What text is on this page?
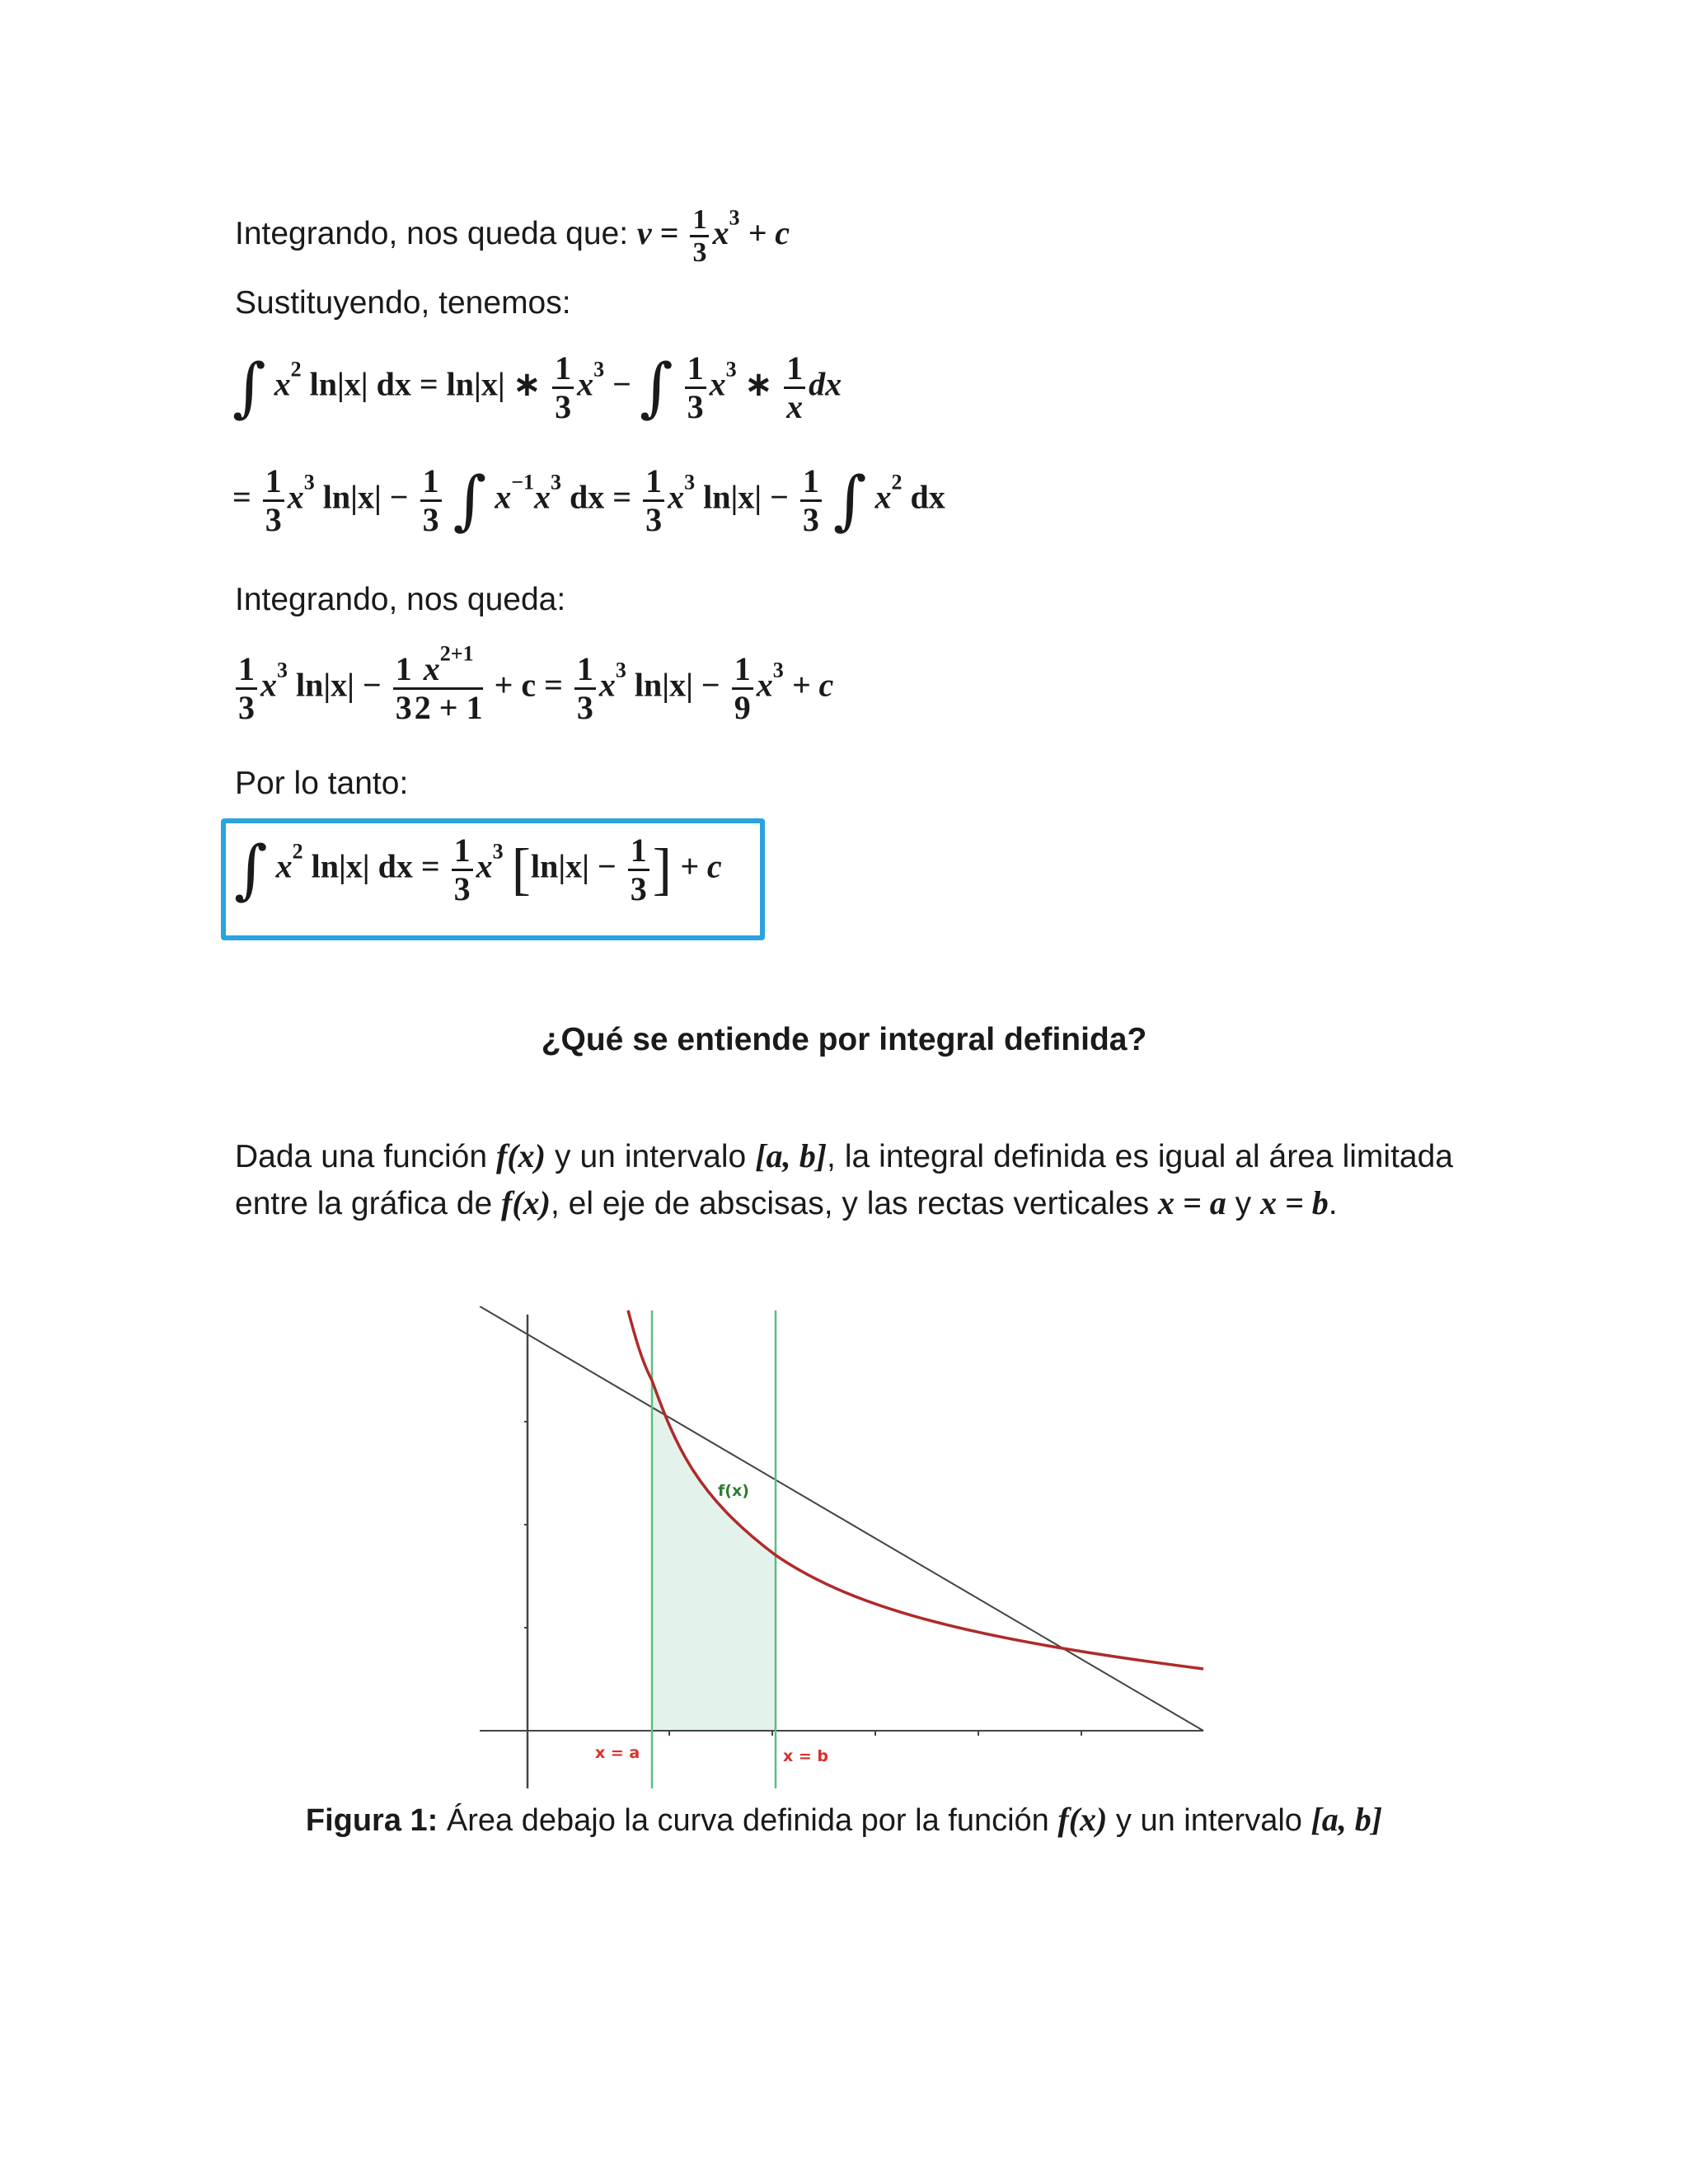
Integrando, nos queda que: $v = \frac{1}{3} x^3 + c$
Sustituyendo, tenemos:
∫ $x^2$ ln|x| dx = ln|x| ∗ $\frac{1}{3} x^3$ − ∫ $\frac{1}{3} x^3$ ∗ $\frac{1}{x}$ dx
= $\frac{1}{3} x^3$ $\ln|x| - \frac{1}{3}$ ∫ $x^{-1}x^3$ dx = $\frac{1}{3} x^3$ $\ln|x| - \frac{1}{3}$ ∫ $x^2$ dx
Integrando, nos queda:
$\frac{1}{3} x^3$ $\ln|x| - \frac{1}{3} \frac{x^{2+1}}{2 + 1} + c = \frac{1}{3} x^3$ $\ln|x| - \frac{1}{9} x^3 + c$
Por lo tanto:
∫ $x^2$ ln|x| dx = $\frac{1}{3} x^3$ [$\ln|x| - \frac{1}{3}$ ] + c
¿Qué se entiende por integral definida?
Dada una función f(x) y un intervalo [a, b], la integral definida es igual al área limitada entre la gráfica de f(x), el eje de abscisas, y las rectas verticales x = a y x = b.
f(x)
x = a	x = b
Figura 1: Área debajo la curva definida por la función f(x) y un intervalo [a, b]
